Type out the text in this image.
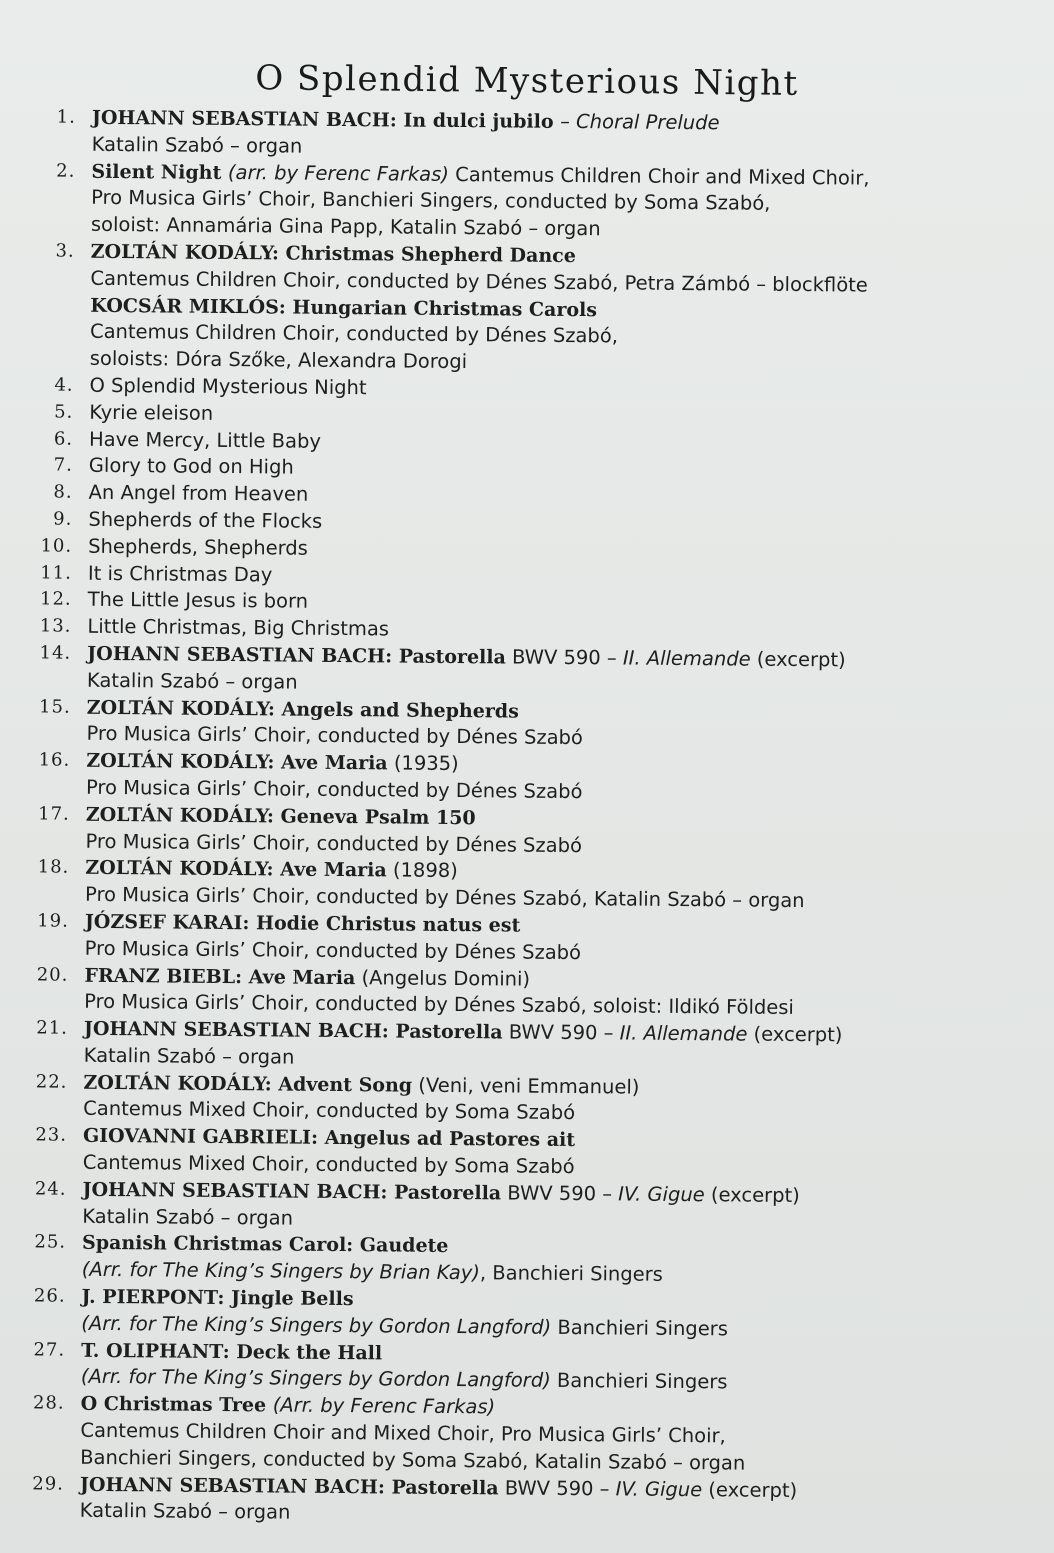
O Splendid Mysterious Night
1. JOHANN SEBASTIAN BACH: In dulci jubilo – Choral Prelude
Katalin Szabó – organ
2. Silent Night (arr. by Ferenc Farkas) Cantemus Children Choir and Mixed Choir,
Pro Musica Girls’ Choir, Banchieri Singers, conducted by Soma Szabó,
soloist: Annamária Gina Papp, Katalin Szabó – organ
3. ZOLTÁN KODÁLY: Christmas Shepherd Dance
Cantemus Children Choir, conducted by Dénes Szabó, Petra Zámbó – blockflöte
KOCSÁR MIKLÓS: Hungarian Christmas Carols
Cantemus Children Choir, conducted by Dénes Szabó,
soloists: Dóra Szőke, Alexandra Dorogi
4. O Splendid Mysterious Night
5. Kyrie eleison
6. Have Mercy, Little Baby
7. Glory to God on High
8. An Angel from Heaven
9. Shepherds of the Flocks
10. Shepherds, Shepherds
11. It is Christmas Day
12. The Little Jesus is born
13. Little Christmas, Big Christmas
14. JOHANN SEBASTIAN BACH: Pastorella BWV 590 – II. Allemande (excerpt)
Katalin Szabó – organ
15. ZOLTÁN KODÁLY: Angels and Shepherds
Pro Musica Girls’ Choir, conducted by Dénes Szabó
16. ZOLTÁN KODÁLY: Ave Maria (1935)
Pro Musica Girls’ Choir, conducted by Dénes Szabó
17. ZOLTÁN KODÁLY: Geneva Psalm 150
Pro Musica Girls’ Choir, conducted by Dénes Szabó
18. ZOLTÁN KODÁLY: Ave Maria (1898)
Pro Musica Girls’ Choir, conducted by Dénes Szabó, Katalin Szabó – organ
19. JÓZSEF KARAI: Hodie Christus natus est
Pro Musica Girls’ Choir, conducted by Dénes Szabó
20. FRANZ BIEBL: Ave Maria (Angelus Domini)
Pro Musica Girls’ Choir, conducted by Dénes Szabó, soloist: Ildikó Földesi
21. JOHANN SEBASTIAN BACH: Pastorella BWV 590 – II. Allemande (excerpt)
Katalin Szabó – organ
22. ZOLTÁN KODÁLY: Advent Song (Veni, veni Emmanuel)
Cantemus Mixed Choir, conducted by Soma Szabó
23. GIOVANNI GABRIELI: Angelus ad Pastores ait
Cantemus Mixed Choir, conducted by Soma Szabó
24. JOHANN SEBASTIAN BACH: Pastorella BWV 590 – IV. Gigue (excerpt)
Katalin Szabó – organ
25. Spanish Christmas Carol: Gaudete
(Arr. for The King’s Singers by Brian Kay), Banchieri Singers
26. J. PIERPONT: Jingle Bells
(Arr. for The King’s Singers by Gordon Langford) Banchieri Singers
27. T. OLIPHANT: Deck the Hall
(Arr. for The King’s Singers by Gordon Langford) Banchieri Singers
28. O Christmas Tree (Arr. by Ferenc Farkas)
Cantemus Children Choir and Mixed Choir, Pro Musica Girls’ Choir,
Banchieri Singers, conducted by Soma Szabó, Katalin Szabó – organ
29. JOHANN SEBASTIAN BACH: Pastorella BWV 590 – IV. Gigue (excerpt)
Katalin Szabó – organ
